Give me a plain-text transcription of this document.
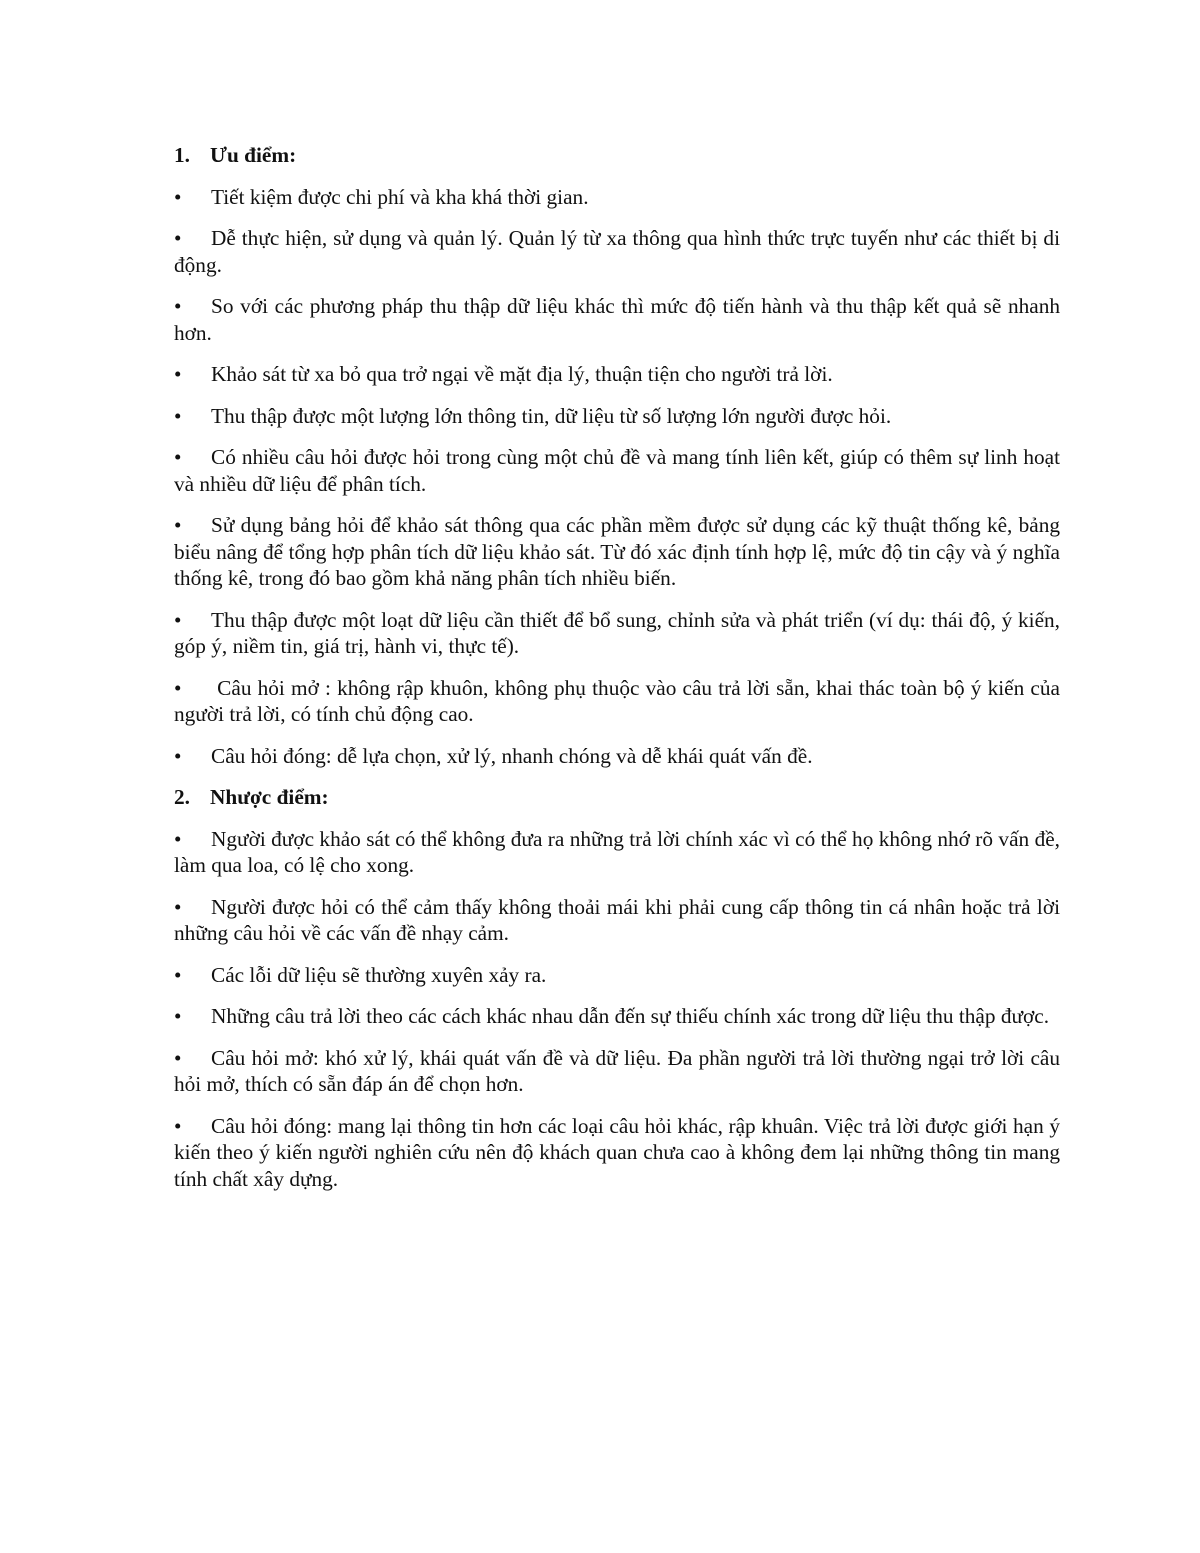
1. Ưu điểm:
• Tiết kiệm được chi phí và kha khá thời gian.
• Dễ thực hiện, sử dụng và quản lý. Quản lý từ xa thông qua hình thức trực tuyến như các thiết bị di động.
• So với các phương pháp thu thập dữ liệu khác thì mức độ tiến hành và thu thập kết quả sẽ nhanh hơn.
• Khảo sát từ xa bỏ qua trở ngại về mặt địa lý, thuận tiện cho người trả lời.
• Thu thập được một lượng lớn thông tin, dữ liệu từ số lượng lớn người được hỏi.
• Có nhiều câu hỏi được hỏi trong cùng một chủ đề và mang tính liên kết, giúp có thêm sự linh hoạt và nhiều dữ liệu để phân tích.
• Sử dụng bảng hỏi để khảo sát thông qua các phần mềm được sử dụng các kỹ thuật thống kê, bảng biểu nâng để tổng hợp phân tích dữ liệu khảo sát. Từ đó xác định tính hợp lệ, mức độ tin cậy và ý nghĩa thống kê, trong đó bao gồm khả năng phân tích nhiều biến.
• Thu thập được một loạt dữ liệu cần thiết để bổ sung, chỉnh sửa và phát triển (ví dụ: thái độ, ý kiến, góp ý, niềm tin, giá trị, hành vi, thực tế).
• Câu hỏi mở : không rập khuôn, không phụ thuộc vào câu trả lời sẵn, khai thác toàn bộ ý kiến của người trả lời, có tính chủ động cao.
• Câu hỏi đóng: dễ lựa chọn, xử lý, nhanh chóng và dễ khái quát vấn đề.
2. Nhược điểm:
• Người được khảo sát có thể không đưa ra những trả lời chính xác vì có thể họ không nhớ rõ vấn đề, làm qua loa, có lệ cho xong.
• Người được hỏi có thể cảm thấy không thoải mái khi phải cung cấp thông tin cá nhân hoặc trả lời những câu hỏi về các vấn đề nhạy cảm.
• Các lỗi dữ liệu sẽ thường xuyên xảy ra.
• Những câu trả lời theo các cách khác nhau dẫn đến sự thiếu chính xác trong dữ liệu thu thập được.
• Câu hỏi mở: khó xử lý, khái quát vấn đề và dữ liệu. Đa phần người trả lời thường ngại trở lời câu hỏi mở, thích có sẵn đáp án để chọn hơn.
• Câu hỏi đóng: mang lại thông tin hơn các loại câu hỏi khác, rập khuân. Việc trả lời được giới hạn ý kiến theo ý kiến người nghiên cứu nên độ khách quan chưa cao à không đem lại những thông tin mang tính chất xây dựng.
